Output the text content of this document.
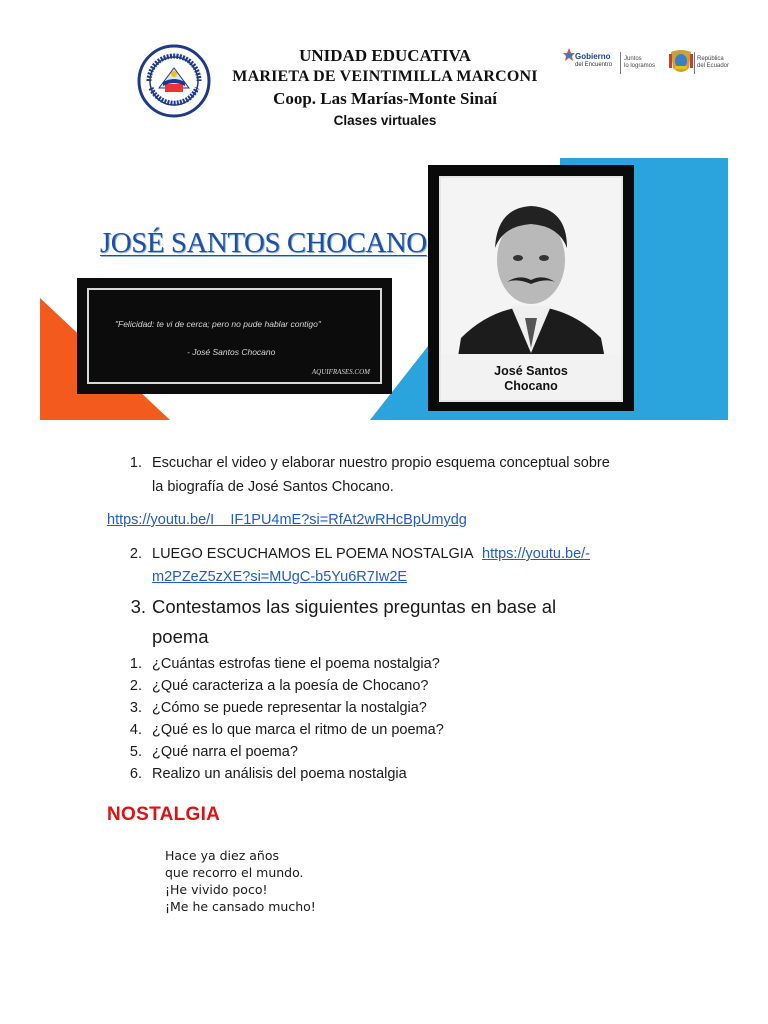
UNIDAD EDUCATIVA
MARIETA DE VEINTIMILLA MARCONI
Coop. Las Marías-Monte Sinaí
Clases virtuales
Gobierno
del Encuentro
Juntos
lo logramos
República
del Ecuador
JOSÉ SANTOS CHOCANO
"Felicidad: te vi de cerca; pero no pude hablar contigo"
- José Santos Chocano
AQUIFRASES.COM	José Santos
Chocano
1. Escuchar el video y elaborar nuestro propio esquema conceptual sobre
la biografía de José Santos Chocano.
https://youtu.be/I    IF1PU4mE?si=RfAt2wRHcBpUmydg
2. LUEGO ESCUCHAMOS EL POEMA NOSTALGIA https://youtu.be/-
m2PZeZ5zXE?si=MUgC-b5Yu6R7Iw2E
3. Contestamos las siguientes preguntas en base al
poema
1. ¿Cuántas estrofas tiene el poema nostalgia?
2. ¿Qué caracteriza a la poesía de Chocano?
3. ¿Cómo se puede representar la nostalgia?
4. ¿Qué es lo que marca el ritmo de un poema?
5. ¿Qué narra el poema?
6. Realizo un análisis del poema nostalgia
NOSTALGIA
Hace ya diez años
que recorro el mundo.
¡He vivido poco!
¡Me he cansado mucho!
